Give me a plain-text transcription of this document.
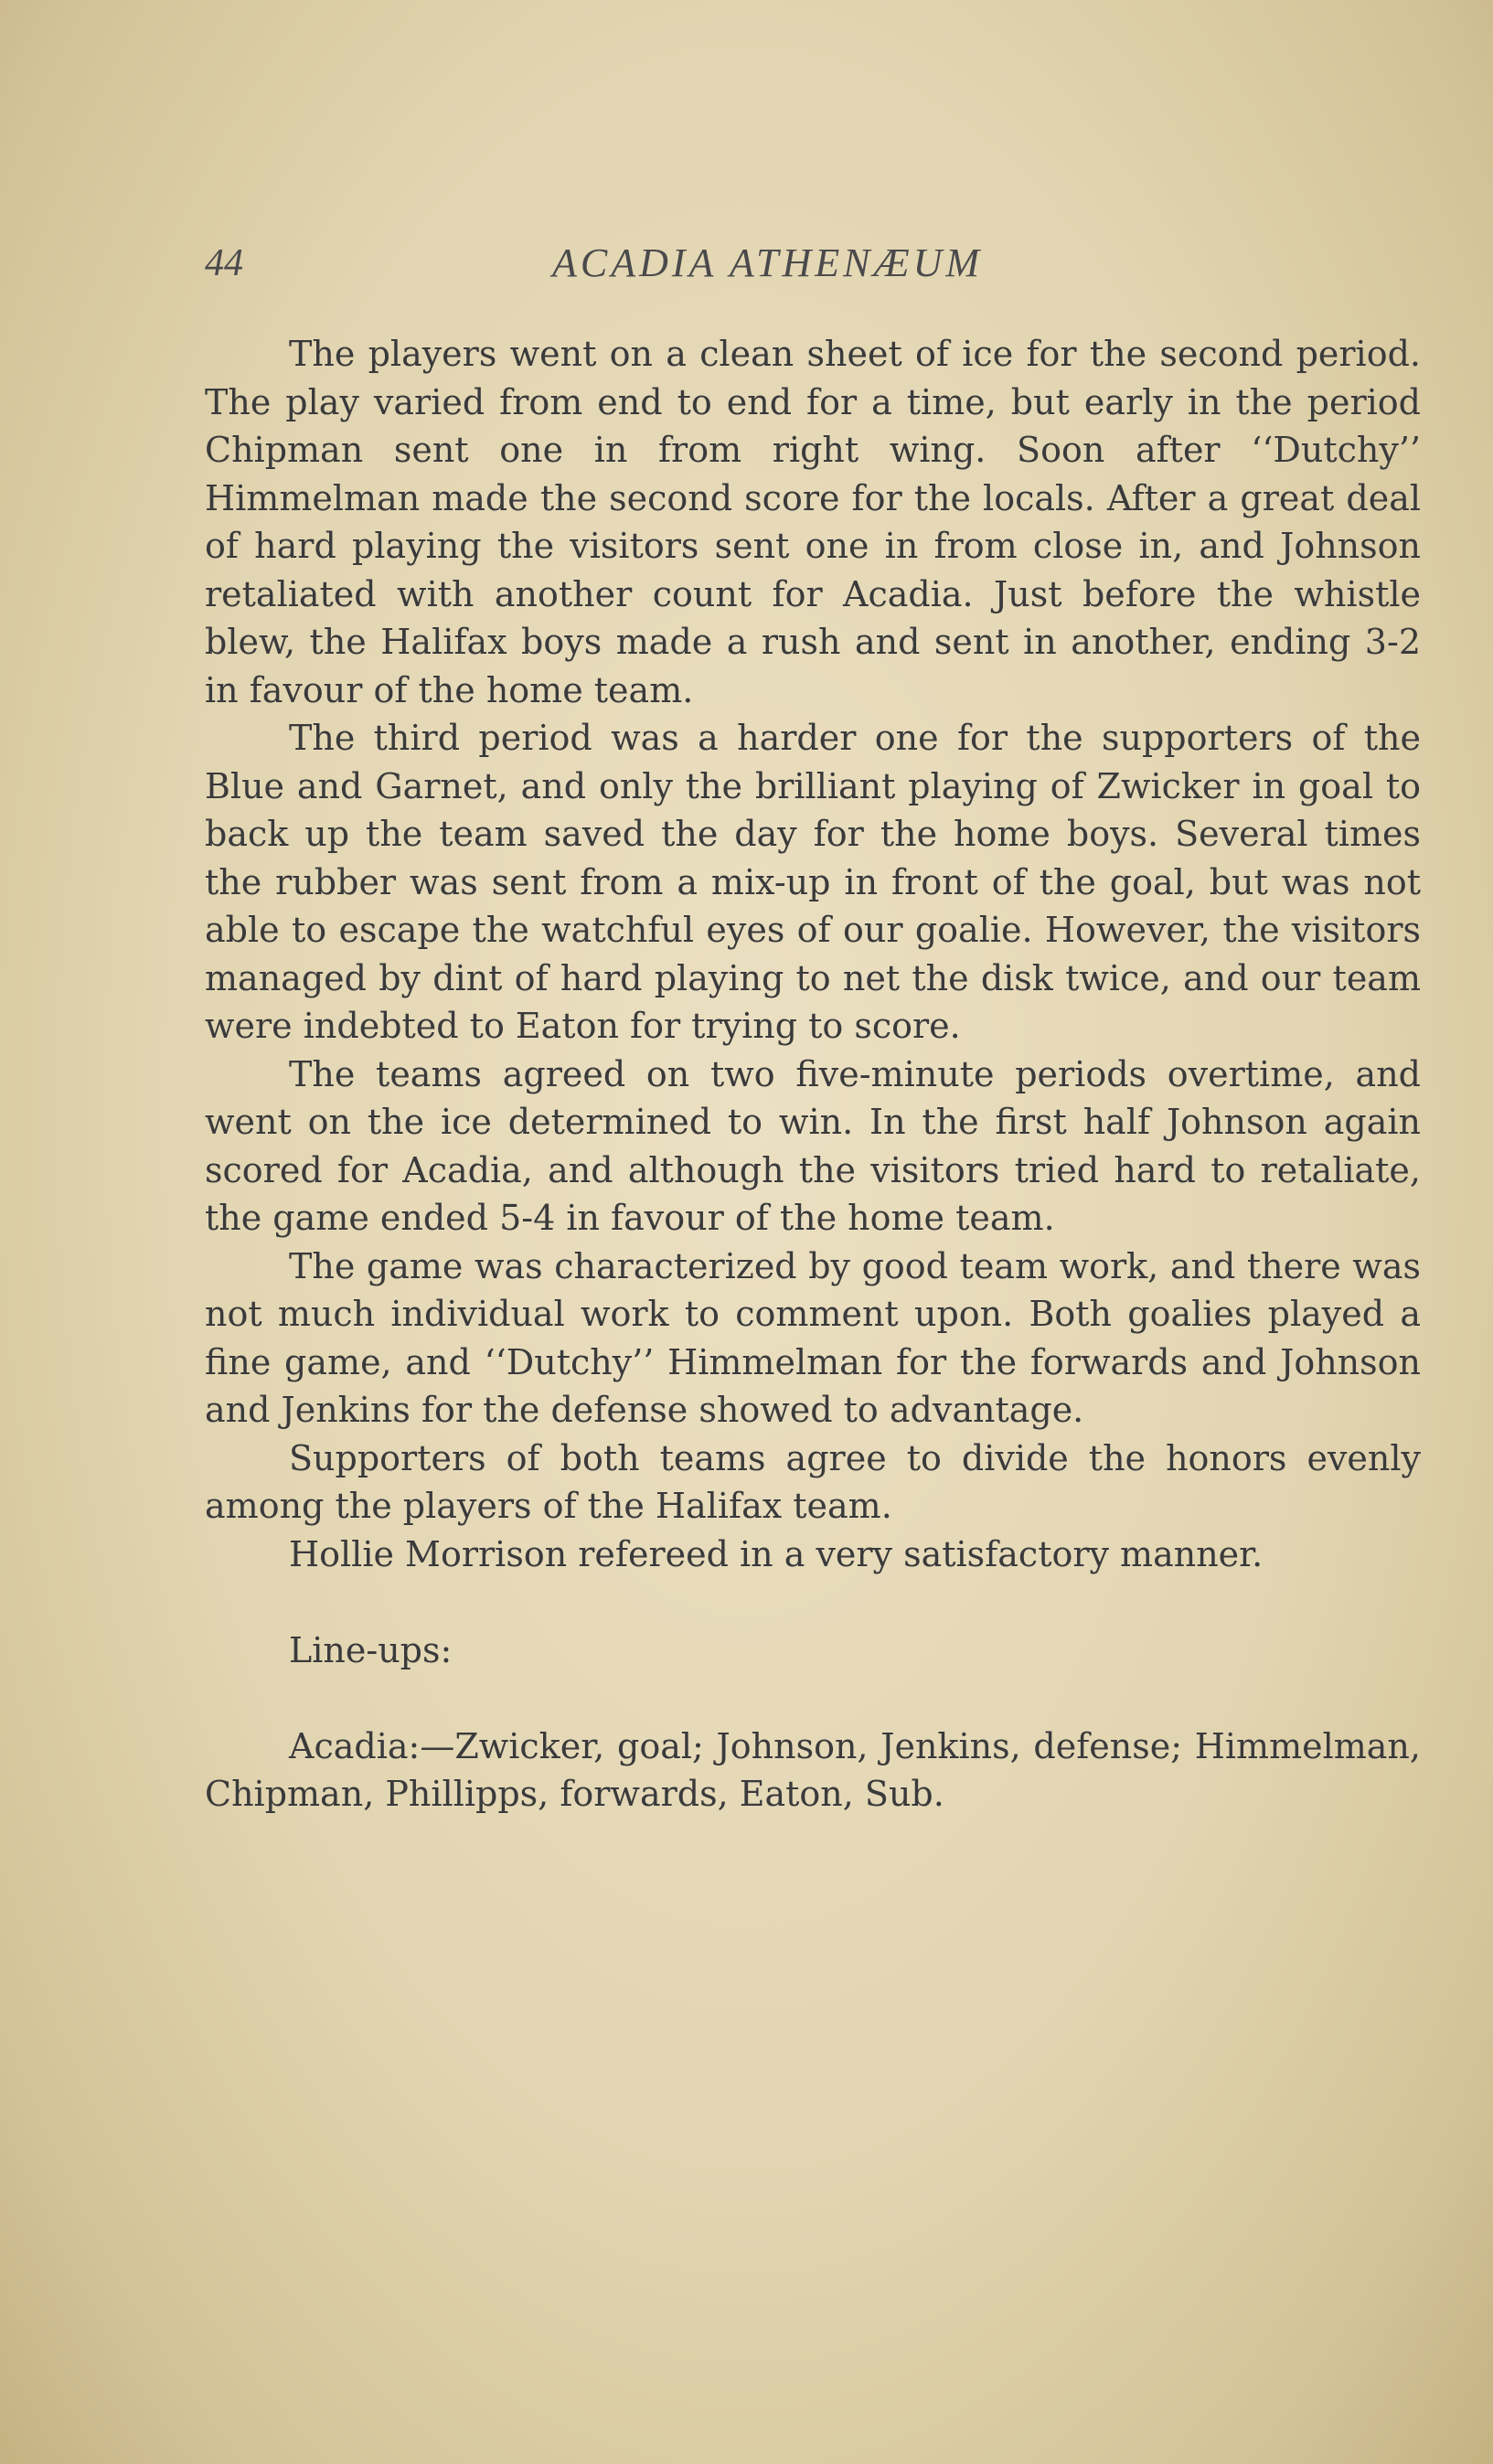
44	ACADIA ATHENÆUM

The players went on a clean sheet of ice for the second period. The play varied from end to end for a time, but early in the period Chipman sent one in from right wing. Soon after ‘‘Dutchy’’ Himmelman made the second score for the locals. After a great deal of hard playing the visitors sent one in from close in, and Johnson retaliated with another count for Acadia. Just before the whistle blew, the Halifax boys made a rush and sent in another, ending 3-2 in favour of the home team.

The third period was a harder one for the supporters of the Blue and Garnet, and only the brilliant playing of Zwicker in goal to back up the team saved the day for the home boys. Several times the rubber was sent from a mix-up in front of the goal, but was not able to escape the watchful eyes of our goalie. However, the visitors managed by dint of hard playing to net the disk twice, and our team were indebted to Eaton for trying to score.

The teams agreed on two five-minute periods overtime, and went on the ice determined to win. In the first half Johnson again scored for Acadia, and although the visitors tried hard to retaliate, the game ended 5-4 in favour of the home team.

The game was characterized by good team work, and there was not much individual work to comment upon. Both goalies played a fine game, and ‘‘Dutchy’’ Himmelman for the forwards and Johnson and Jenkins for the defense showed to advantage.

Supporters of both teams agree to divide the honors evenly among the players of the Halifax team.

Hollie Morrison refereed in a very satisfactory manner.

Line-ups:

Acadia:—Zwicker, goal; Johnson, Jenkins, defense; Himmelman, Chipman, Phillipps, forwards, Eaton, Sub.
